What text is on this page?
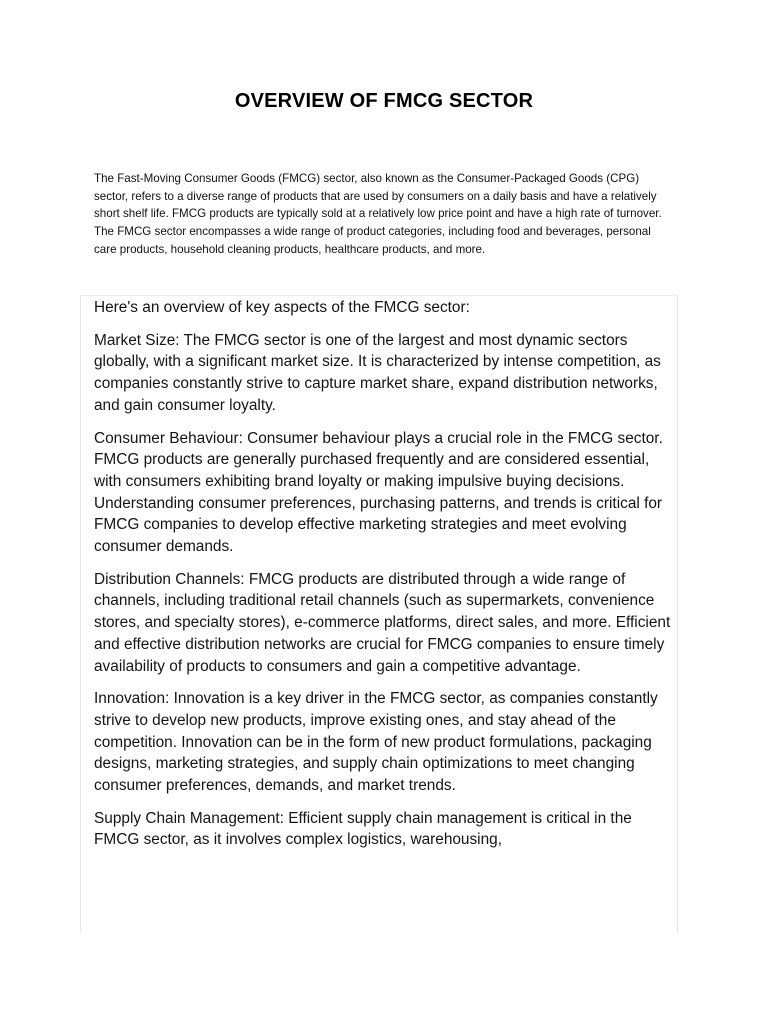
OVERVIEW OF FMCG SECTOR

The Fast-Moving Consumer Goods (FMCG) sector, also known as the Consumer-Packaged Goods (CPG) sector, refers to a diverse range of products that are used by consumers on a daily basis and have a relatively short shelf life. FMCG products are typically sold at a relatively low price point and have a high rate of turnover. The FMCG sector encompasses a wide range of product categories, including food and beverages, personal care products, household cleaning products, healthcare products, and more.

Here's an overview of key aspects of the FMCG sector:

Market Size: The FMCG sector is one of the largest and most dynamic sectors globally, with a significant market size. It is characterized by intense competition, as companies constantly strive to capture market share, expand distribution networks, and gain consumer loyalty.

Consumer Behaviour: Consumer behaviour plays a crucial role in the FMCG sector. FMCG products are generally purchased frequently and are considered essential, with consumers exhibiting brand loyalty or making impulsive buying decisions. Understanding consumer preferences, purchasing patterns, and trends is critical for FMCG companies to develop effective marketing strategies and meet evolving consumer demands.

Distribution Channels: FMCG products are distributed through a wide range of channels, including traditional retail channels (such as supermarkets, convenience stores, and specialty stores), e-commerce platforms, direct sales, and more. Efficient and effective distribution networks are crucial for FMCG companies to ensure timely availability of products to consumers and gain a competitive advantage.

Innovation: Innovation is a key driver in the FMCG sector, as companies constantly strive to develop new products, improve existing ones, and stay ahead of the competition. Innovation can be in the form of new product formulations, packaging designs, marketing strategies, and supply chain optimizations to meet changing consumer preferences, demands, and market trends.

Supply Chain Management: Efficient supply chain management is critical in the FMCG sector, as it involves complex logistics, warehousing,
